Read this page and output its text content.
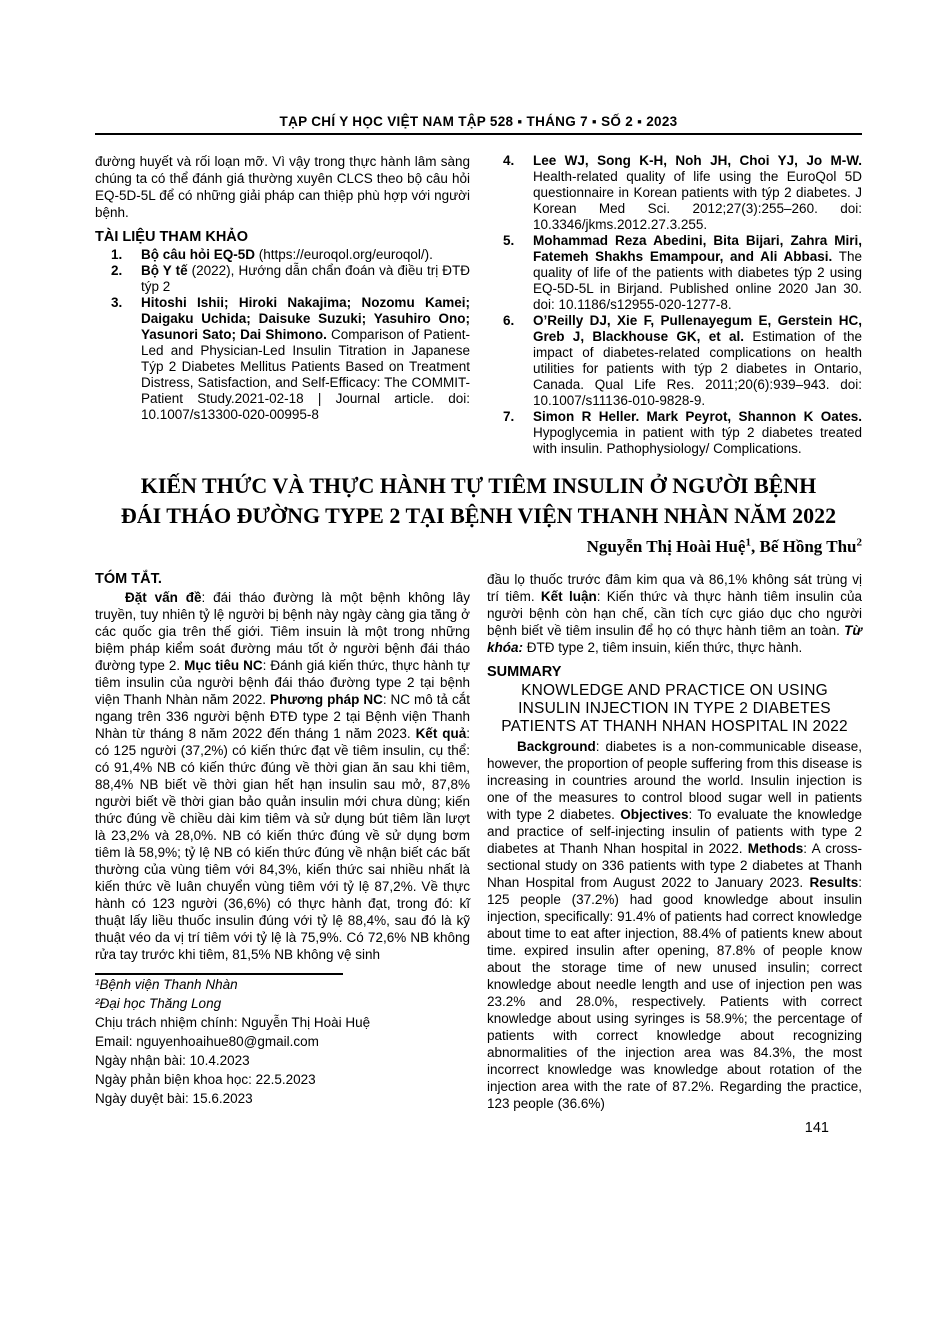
TẠP CHÍ Y HỌC VIỆT NAM TẬP 528 ▪ THÁNG 7 ▪ SỐ 2 ▪ 2023

đường huyết và rối loạn mỡ. Vì vậy trong thực hành lâm sàng chúng ta có thể đánh giá thường xuyên CLCS theo bộ câu hỏi EQ-5D-5L để có những giải pháp can thiệp phù hợp với người bệnh.

TÀI LIỆU THAM KHẢO
1.	Bộ câu hỏi EQ-5D (https://euroqol.org/euroqol/).
2.	Bộ Y tế (2022), Hướng dẫn chẩn đoán và điều trị ĐTĐ týp 2
3.	Hitoshi Ishii; Hiroki Nakajima; Nozomu Kamei; Daigaku Uchida; Daisuke Suzuki; Yasuhiro Ono; Yasunori Sato; Dai Shimono. Comparison of Patient-Led and Physician-Led Insulin Titration in Japanese Týp 2 Diabetes Mellitus Patients Based on Treatment Distress, Satisfaction, and Self-Efficacy: The COMMIT-Patient Study.2021-02-18 | Journal article. doi: 10.1007/s13300-020-00995-8
4.	Lee WJ, Song K-H, Noh JH, Choi YJ, Jo M-W. Health-related quality of life using the EuroQol 5D questionnaire in Korean patients with týp 2 diabetes. J Korean Med Sci. 2012;27(3):255–260. doi: 10.3346/jkms.2012.27.3.255.
5.	Mohammad Reza Abedini, Bita Bijari, Zahra Miri, Fatemeh Shakhs Emampour, and Ali Abbasi. The quality of life of the patients with diabetes týp 2 using EQ-5D-5L in Birjand. Published online 2020 Jan 30. doi: 10.1186/s12955-020-1277-8.
6.	O’Reilly DJ, Xie F, Pullenayegum E, Gerstein HC, Greb J, Blackhouse GK, et al. Estimation of the impact of diabetes-related complications on health utilities for patients with týp 2 diabetes in Ontario, Canada. Qual Life Res. 2011;20(6):939–943. doi: 10.1007/s11136-010-9828-9.
7.	Simon R Heller. Mark Peyrot, Shannon K Oates. Hypoglycemia in patient with týp 2 diabetes treated with insulin. Pathophysiology/ Complications.
KIẾN THỨC VÀ THỰC HÀNH TỰ TIÊM INSULIN Ở NGƯỜI BỆNH
ĐÁI THÁO ĐƯỜNG TYPE 2 TẠI BỆNH VIỆN THANH NHÀN NĂM 2022
Nguyễn Thị Hoài Huệ$^1$, Bế Hồng Thu$^2$
TÓM TẮT.

Đặt vấn đề: đái tháo đường là một bệnh không lây truyền, tuy nhiên tỷ lệ người bị bệnh này ngày càng gia tăng ở các quốc gia trên thế giới. Tiêm insuin là một trong những biệm pháp kiểm soát đường máu tốt ở người bệnh đái tháo đường type 2. Mục tiêu NC: Đánh giá kiến thức, thực hành tự tiêm insulin của người bệnh đái tháo đường type 2 tại bệnh viện Thanh Nhàn năm 2022. Phương pháp NC: NC mô tả cắt ngang trên 336 người bệnh ĐTĐ type 2 tại Bệnh viện Thanh Nhàn từ tháng 8 năm 2022 đến tháng 1 năm 2023. Kết quả: có 125 người (37,2%) có kiến thức đạt về tiêm insulin, cụ thể: có 91,4% NB có kiến thức đúng về thời gian ăn sau khi tiêm, 88,4% NB biết về thời gian hết hạn insulin sau mở, 87,8% người biết về thời gian bảo quản insulin mới chưa dùng; kiến thức đúng về chiều dài kim tiêm và sử dụng bút tiêm lần lượt là 23,2% và 28,0%. NB có kiến thức đúng về sử dụng bơm tiêm là 58,9%; tỷ lệ NB có kiến thức đúng về nhận biết các bất thường của vùng tiêm với 84,3%, kiến thức sai nhiều nhất là kiến thức về luân chuyển vùng tiêm với tỷ lệ 87,2%. Về thực hành có 123 người (36,6%) có thực hành đạt, trong đó: kĩ thuật lấy liều thuốc insulin đúng với tỷ lệ 88,4%, sau đó là kỹ thuật véo da vị trí tiêm với tỷ lệ là 75,9%. Có 72,6% NB không rửa tay trước khi tiêm, 81,5% NB không vệ sinh

¹Bệnh viện Thanh Nhàn
²Đại học Thăng Long
Chịu trách nhiệm chính: Nguyễn Thị Hoài Huệ
Email: nguyenhoaihue80@gmail.com
Ngày nhận bài: 10.4.2023
Ngày phản biện khoa học: 22.5.2023
Ngày duyệt bài: 15.6.2023

đầu lọ thuốc trước đâm kim qua và 86,1% không sát trùng vị trí tiêm. Kết luận: Kiến thức và thực hành tiêm insulin của người bệnh còn hạn chế, cần tích cực giáo dục cho người bệnh biết về tiêm insulin để họ có thực hành tiêm an toàn. Từ khóa: ĐTĐ type 2, tiêm insuin, kiến thức, thực hành.

SUMMARY
KNOWLEDGE AND PRACTICE ON USING INSULIN INJECTION IN TYPE 2 DIABETES PATIENTS AT THANH NHAN HOSPITAL IN 2022

Background: diabetes is a non-communicable disease, however, the proportion of people suffering from this disease is increasing in countries around the world. Insulin injection is one of the measures to control blood sugar well in patients with type 2 diabetes. Objectives: To evaluate the knowledge and practice of self-injecting insulin of patients with type 2 diabetes at Thanh Nhan hospital in 2022. Methods: A cross-sectional study on 336 patients with type 2 diabetes at Thanh Nhan Hospital from August 2022 to January 2023. Results: 125 people (37.2%) had good knowledge about insulin injection, specifically: 91.4% of patients had correct knowledge about time to eat after injection, 88.4% of patients knew about time. expired insulin after opening, 87.8% of people know about the storage time of new unused insulin; correct knowledge about needle length and use of injection pen was 23.2% and 28.0%, respectively. Patients with correct knowledge about using syringes is 58.9%; the percentage of patients with correct knowledge about recognizing abnormalities of the injection area was 84.3%, the most incorrect knowledge was knowledge about rotation of the injection area with the rate of 87.2%. Regarding the practice, 123 people (36.6%)

141
